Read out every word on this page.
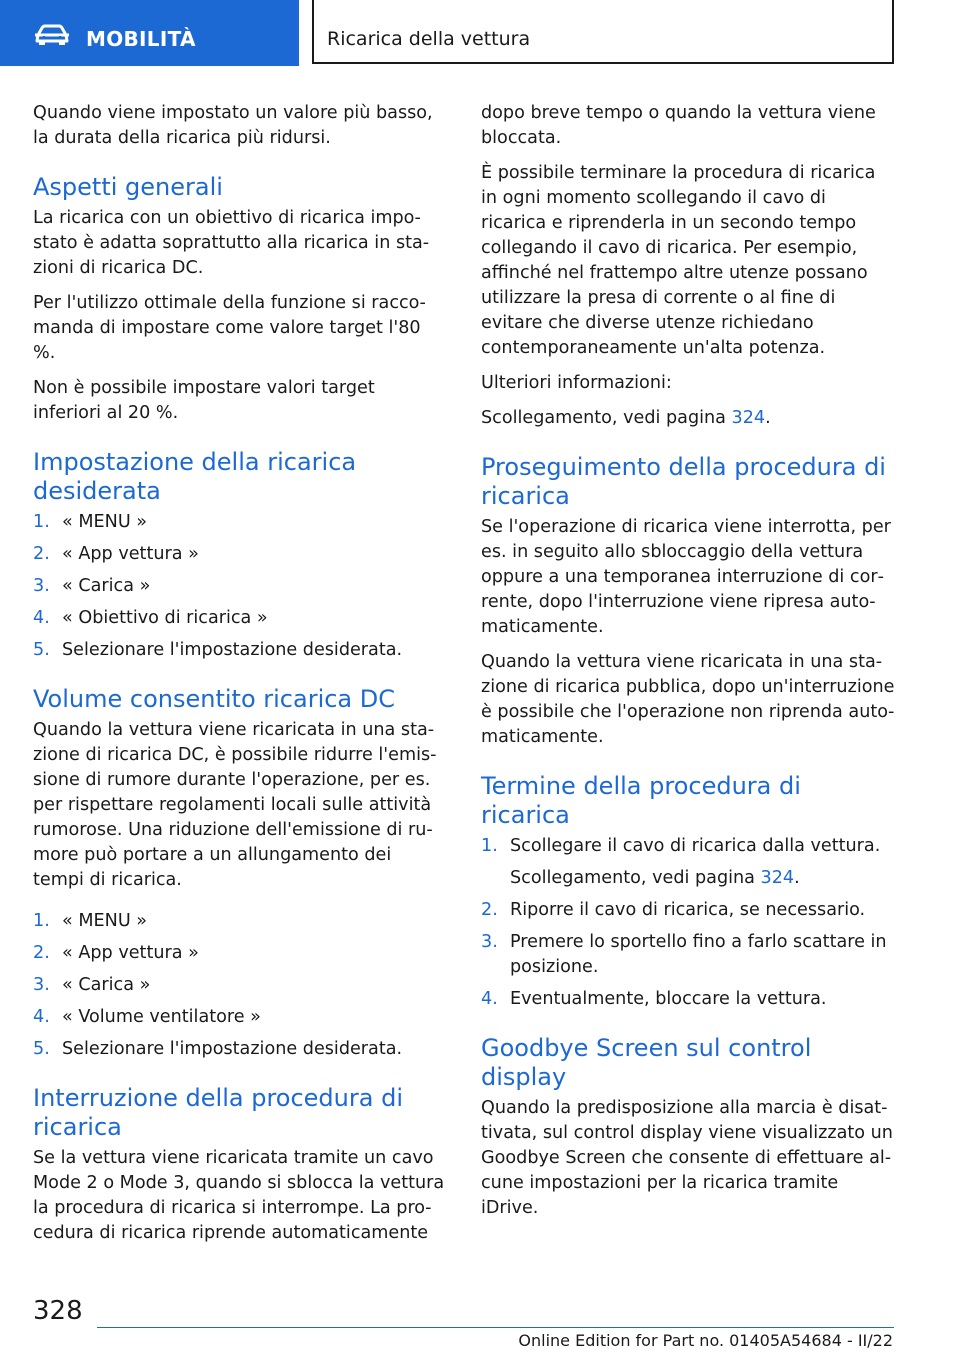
MOBILITÀ	Ricarica della vettura

Quando viene impostato un valore più basso, la durata della ricarica più ridursi.

Aspetti generali

La ricarica con un obiettivo di ricarica impostato è adatta soprattutto alla ricarica in stazioni di ricarica DC.

Per l'utilizzo ottimale della funzione si raccomanda di impostare come valore target l'80 %.

Non è possibile impostare valori target inferiori al 20 %.

Impostazione della ricarica desiderata
1. « MENU »
2. « App vettura »
3. « Carica »
4. « Obiettivo di ricarica »
5. Selezionare l'impostazione desiderata.
Volume consentito ricarica DC

Quando la vettura viene ricaricata in una stazione di ricarica DC, è possibile ridurre l'emissione di rumore durante l'operazione, per es. per rispettare regolamenti locali sulle attività rumorose. Una riduzione dell'emissione di rumore può portare a un allungamento dei tempi di ricarica.

1. « MENU »
2. « App vettura »
3. « Carica »
4. « Volume ventilatore »
5. Selezionare l'impostazione desiderata.
Interruzione della procedura di ricarica

Se la vettura viene ricaricata tramite un cavo Mode 2 o Mode 3, quando si sblocca la vettura la procedura di ricarica si interrompe. La procedura di ricarica riprende automaticamente

dopo breve tempo o quando la vettura viene bloccata.

È possibile terminare la procedura di ricarica in ogni momento scollegando il cavo di ricarica e riprenderla in un secondo tempo collegando il cavo di ricarica. Per esempio, affinché nel frattempo altre utenze possano utilizzare la presa di corrente o al fine di evitare che diverse utenze richiedano contemporaneamente un'alta potenza.

Ulteriori informazioni:

Scollegamento, vedi pagina 324.

Proseguimento della procedura di ricarica

Se l'operazione di ricarica viene interrotta, per es. in seguito allo sbloccaggio della vettura oppure a una temporanea interruzione di corrente, dopo l'interruzione viene ripresa automaticamente.

Quando la vettura viene ricaricata in una stazione di ricarica pubblica, dopo un'interruzione è possibile che l'operazione non riprenda automaticamente.

Termine della procedura di ricarica
1. Scollegare il cavo di ricarica dalla vettura.
Scollegamento, vedi pagina 324.
2. Riporre il cavo di ricarica, se necessario.
3. Premere lo sportello fino a farlo scattare in posizione.
4. Eventualmente, bloccare la vettura.
Goodbye Screen sul control display

Quando la predisposizione alla marcia è disattivata, sul control display viene visualizzato un Goodbye Screen che consente di effettuare alcune impostazioni per la ricarica tramite iDrive.

328
Online Edition for Part no. 01405A54684 - II/22
